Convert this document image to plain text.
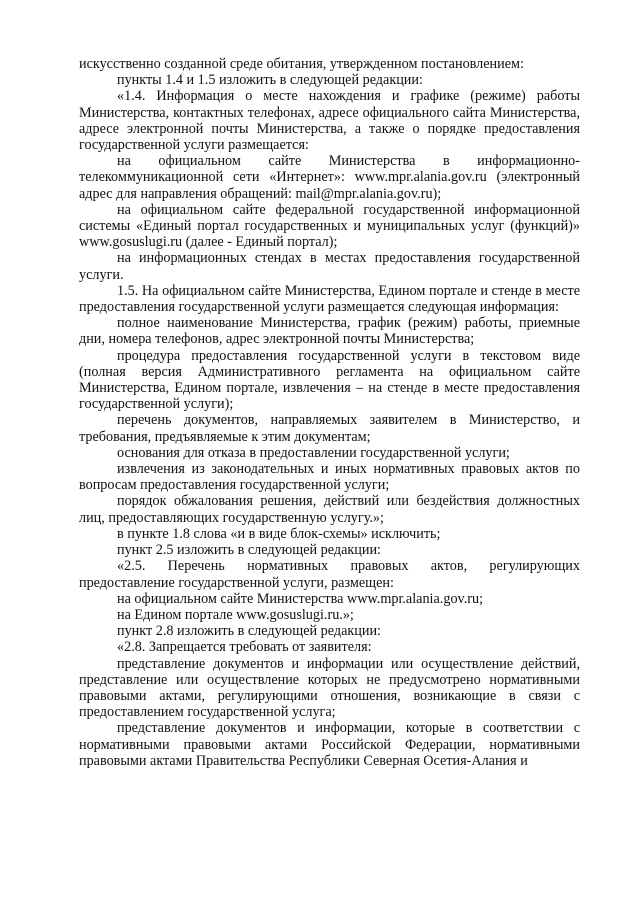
искусственно созданной среде обитания, утвержденном постановлением:

пункты 1.4 и 1.5 изложить в следующей редакции:

«1.4. Информация о месте нахождения и графике (режиме) работы Министерства, контактных телефонах, адресе официального сайта Министерства, адресе электронной почты Министерства, а также о порядке предоставления государственной услуги размещается:

на официальном сайте Министерства в информационно-телекоммуникационной сети «Интернет»: www.mpr.alania.gov.ru (электронный адрес для направления обращений: mail@mpr.alania.gov.ru);

на официальном сайте федеральной государственной информационной системы «Единый портал государственных и муниципальных услуг (функций)» www.gosuslugi.ru (далее - Единый портал);

на информационных стендах в местах предоставления государственной услуги.

1.5. На официальном сайте Министерства, Едином портале и стенде в месте предоставления государственной услуги размещается следующая информация:

полное наименование Министерства, график (режим) работы, приемные дни, номера телефонов, адрес электронной почты Министерства;

процедура предоставления государственной услуги в текстовом виде (полная версия Административного регламента на официальном сайте Министерства, Едином портале, извлечения – на стенде в месте предоставления государственной услуги);

перечень документов, направляемых заявителем в Министерство, и требования, предъявляемые к этим документам;

основания для отказа в предоставлении государственной услуги;

извлечения из законодательных и иных нормативных правовых актов по вопросам предоставления государственной услуги;

порядок обжалования решения, действий или бездействия должностных лиц, предоставляющих государственную услугу.»;

в пункте 1.8 слова «и в виде блок-схемы» исключить;

пункт 2.5 изложить в следующей редакции:

«2.5. Перечень нормативных правовых актов, регулирующих предоставление государственной услуги, размещен:

на официальном сайте Министерства www.mpr.alania.gov.ru;

на Едином портале www.gosuslugi.ru.»;

пункт 2.8 изложить в следующей редакции:

«2.8. Запрещается требовать от заявителя:

представление документов и информации или осуществление действий, представление или осуществление которых не предусмотрено нормативными правовыми актами, регулирующими отношения, возникающие в связи с предоставлением государственной услуга;

представление документов и информации, которые в соответствии с нормативными правовыми актами Российской Федерации, нормативными правовыми актами Правительства Республики Северная Осетия-Алания и
